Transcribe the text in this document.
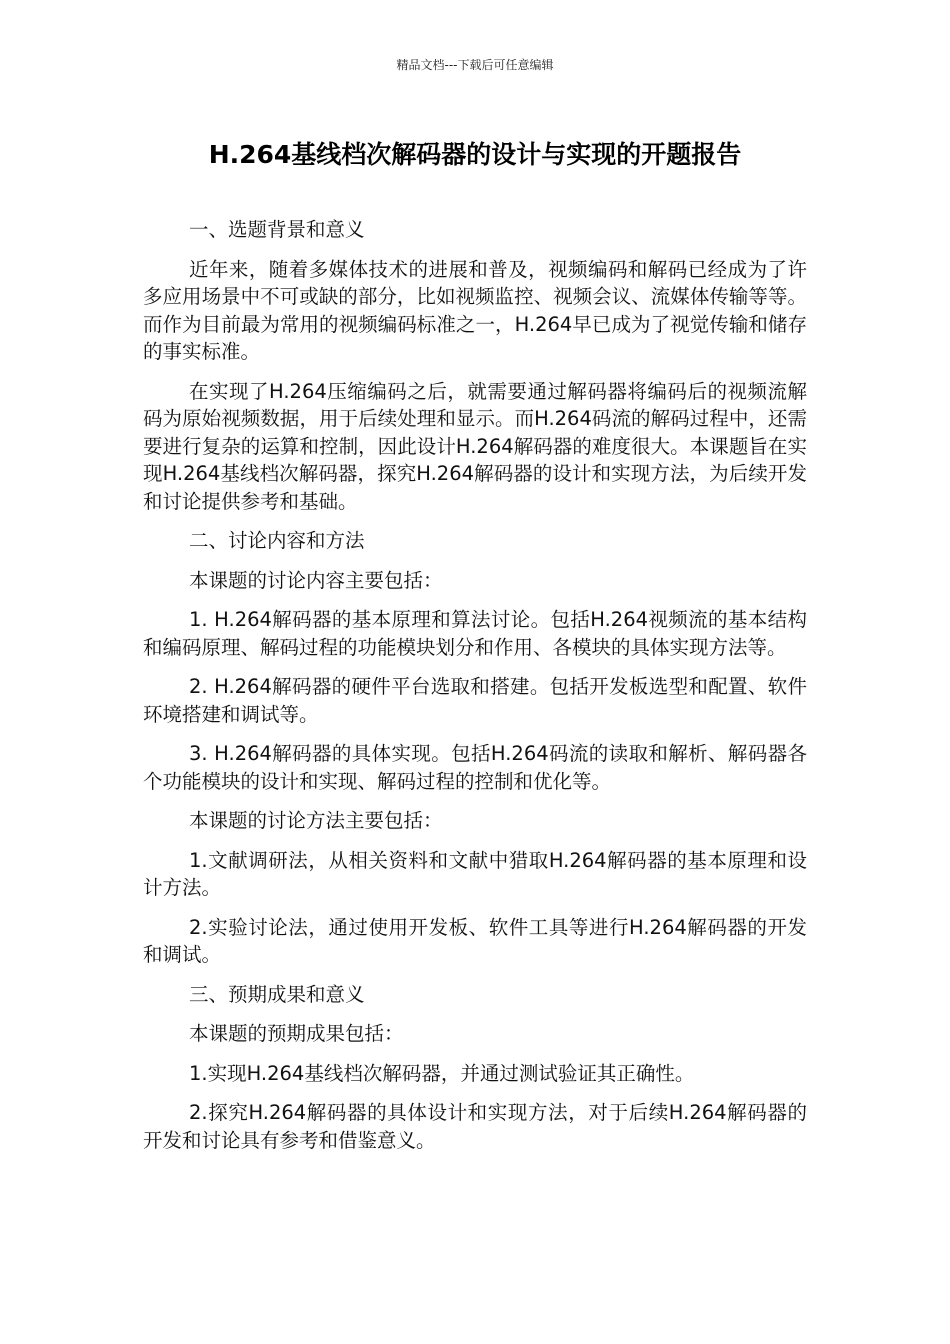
精品文档---下载后可任意编辑
H.264基线档次解码器的设计与实现的开题报告

一、选题背景和意义

近年来，随着多媒体技术的进展和普及，视频编码和解码已经成为了许多应用场景中不可或缺的部分，比如视频监控、视频会议、流媒体传输等等。而作为目前最为常用的视频编码标准之一，H.264早已成为了视觉传输和储存的事实标准。

在实现了H.264压缩编码之后，就需要通过解码器将编码后的视频流解码为原始视频数据，用于后续处理和显示。而H.264码流的解码过程中，还需要进行复杂的运算和控制，因此设计H.264解码器的难度很大。本课题旨在实现H.264基线档次解码器，探究H.264解码器的设计和实现方法，为后续开发和讨论提供参考和基础。

二、讨论内容和方法

本课题的讨论内容主要包括：

1. H.264解码器的基本原理和算法讨论。包括H.264视频流的基本结构和编码原理、解码过程的功能模块划分和作用、各模块的具体实现方法等。

2. H.264解码器的硬件平台选取和搭建。包括开发板选型和配置、软件环境搭建和调试等。

3. H.264解码器的具体实现。包括H.264码流的读取和解析、解码器各个功能模块的设计和实现、解码过程的控制和优化等。

本课题的讨论方法主要包括：

1.文献调研法，从相关资料和文献中猎取H.264解码器的基本原理和设计方法。

2.实验讨论法，通过使用开发板、软件工具等进行H.264解码器的开发和调试。

三、预期成果和意义

本课题的预期成果包括：

1.实现H.264基线档次解码器，并通过测试验证其正确性。

2.探究H.264解码器的具体设计和实现方法，对于后续H.264解码器的开发和讨论具有参考和借鉴意义。
